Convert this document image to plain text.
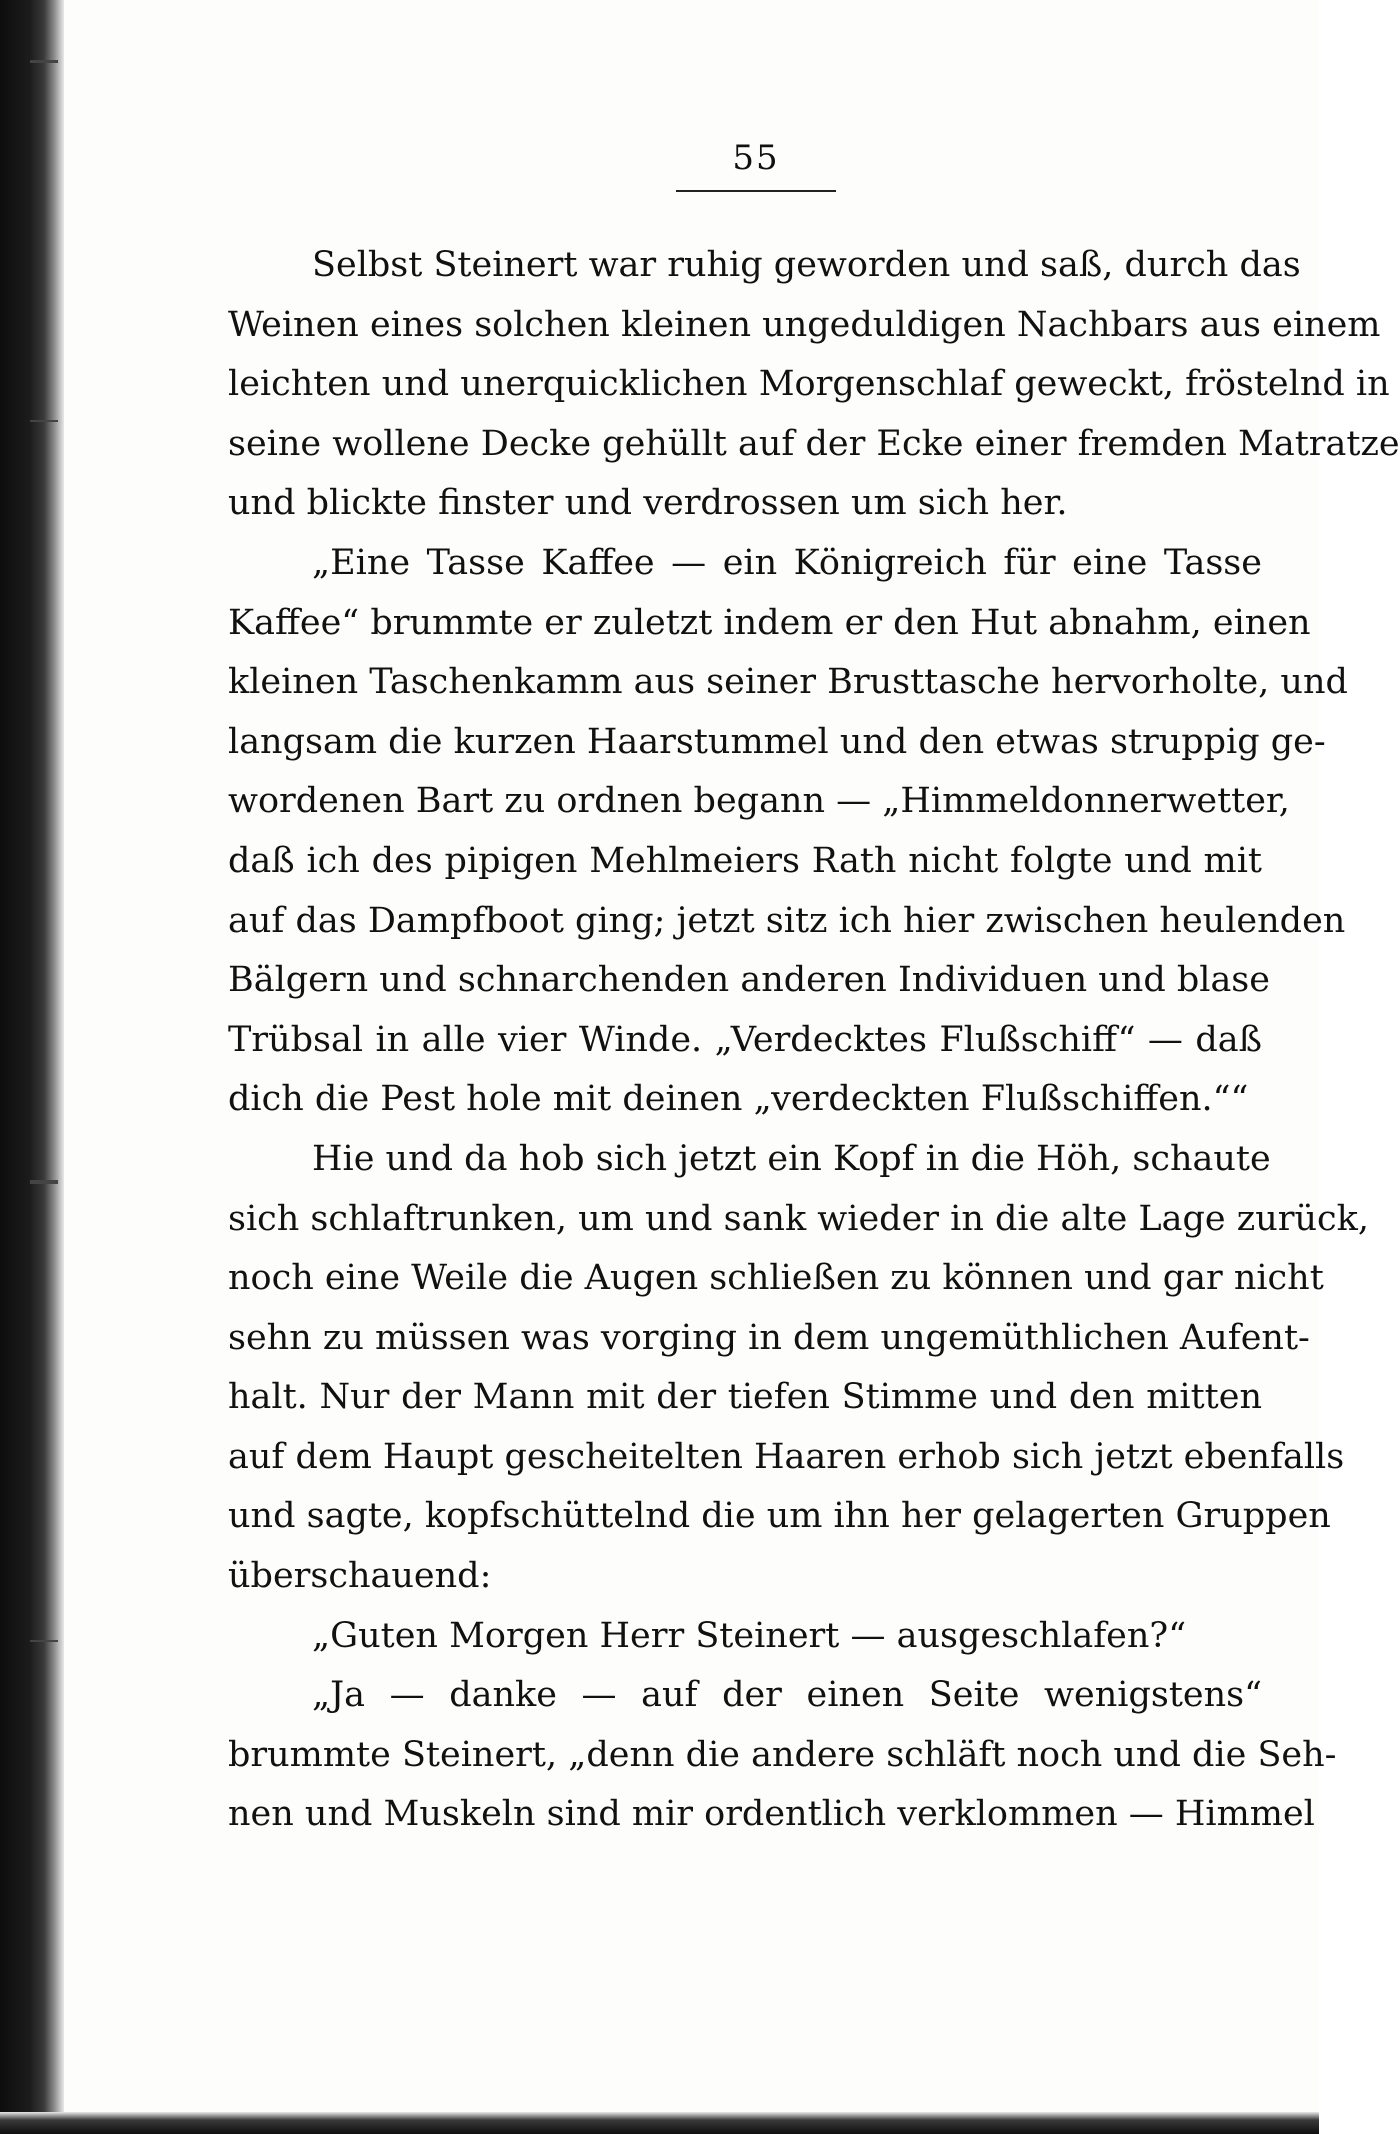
55
Selbst Steinert war ruhig geworden und saß, durch das
Weinen eines solchen kleinen ungeduldigen Nachbars aus einem
leichten und unerquicklichen Morgenschlaf geweckt, fröstelnd in
seine wollene Decke gehüllt auf der Ecke einer fremden Matratze
und blickte finster und verdrossen um sich her.
„Eine Tasse Kaffee — ein Königreich für eine Tasse
Kaffee“ brummte er zuletzt indem er den Hut abnahm, einen
kleinen Taschenkamm aus seiner Brusttasche hervorholte, und
langsam die kurzen Haarstummel und den etwas struppig ge-
wordenen Bart zu ordnen begann — „Himmeldonnerwetter,
daß ich des pipigen Mehlmeiers Rath nicht folgte und mit
auf das Dampfboot ging; jetzt sitz ich hier zwischen heulenden
Bälgern und schnarchenden anderen Individuen und blase
Trübsal in alle vier Winde. „Verdecktes Flußschiff“ — daß
dich die Pest hole mit deinen „verdeckten Flußschiffen.““
Hie und da hob sich jetzt ein Kopf in die Höh, schaute
sich schlaftrunken, um und sank wieder in die alte Lage zurück,
noch eine Weile die Augen schließen zu können und gar nicht
sehn zu müssen was vorging in dem ungemüthlichen Aufent-
halt. Nur der Mann mit der tiefen Stimme und den mitten
auf dem Haupt gescheitelten Haaren erhob sich jetzt ebenfalls
und sagte, kopfschüttelnd die um ihn her gelagerten Gruppen
überschauend:
„Guten Morgen Herr Steinert — ausgeschlafen?“
„Ja — danke — auf der einen Seite wenigstens“
brummte Steinert, „denn die andere schläft noch und die Seh-
nen und Muskeln sind mir ordentlich verklommen — Himmel
